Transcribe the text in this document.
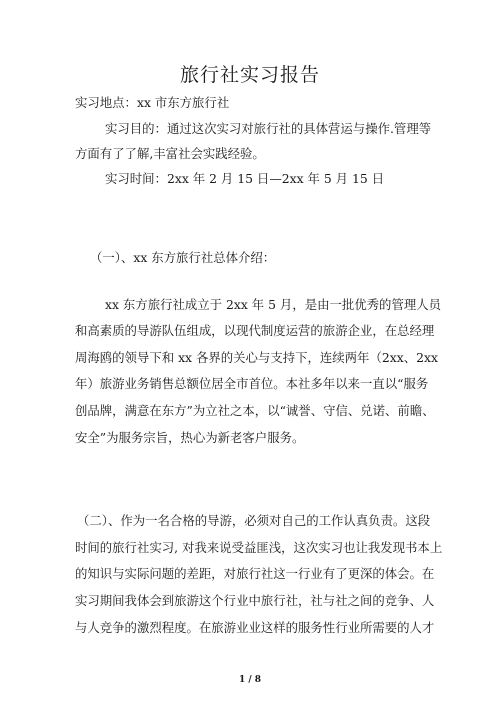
旅行社实习报告
实习地点：xx 市东方旅行社
实习目的：通过这次实习对旅行社的具体营运与操作.管理等
方面有了了解,丰富社会实践经验。
实习时间：2xx 年 2 月 15 日—2xx 年 5 月 15 日
（一）、xx 东方旅行社总体介绍：
xx 东方旅行社成立于 2xx 年 5 月，是由一批优秀的管理人员
和高素质的导游队伍组成，以现代制度运营的旅游企业，在总经理
周海鸥的领导下和 xx 各界的关心与支持下，连续两年（2xx、2xx
年）旅游业务销售总额位居全市首位。本社多年以来一直以“服务
创品牌，满意在东方”为立社之本，以“诚誉、守信、兑诺、前瞻、
安全”为服务宗旨，热心为新老客户服务。
（二）、作为一名合格的导游，必须对自己的工作认真负责。这段
时间的旅行社实习, 对我来说受益匪浅，这次实习也让我发现书本上
的知识与实际问题的差距，对旅行社这一行业有了更深的体会。在
实习期间我体会到旅游这个行业中旅行社，社与社之间的竞争、人
与人竞争的激烈程度。在旅游业业这样的服务性行业所需要的人才
1 / 8
